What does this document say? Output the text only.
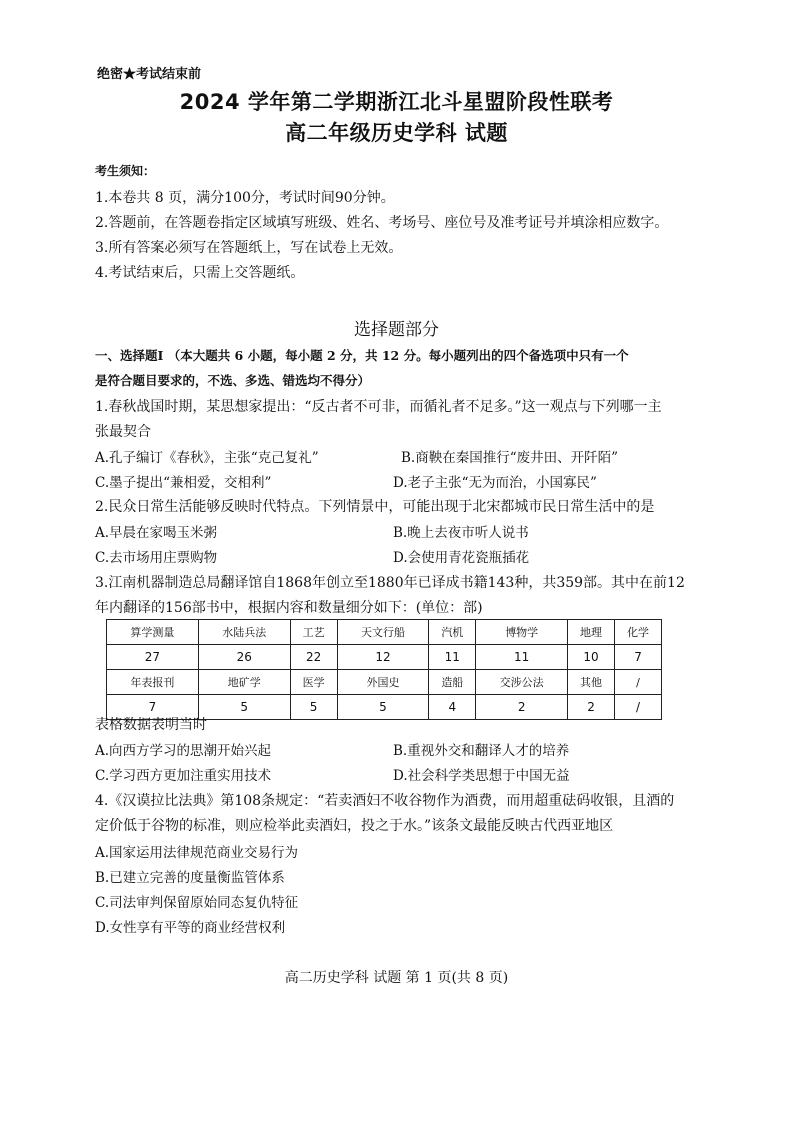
绝密★考试结束前
2024 学年第二学期浙江北斗星盟阶段性联考
高二年级历史学科 试题
考生须知：
1.本卷共 8 页，满分100分，考试时间90分钟。
2.答题前，在答题卷指定区域填写班级、姓名、考场号、座位号及准考证号并填涂相应数字。
3.所有答案必须写在答题纸上，写在试卷上无效。
4.考试结束后，只需上交答题纸。
选择题部分
一、选择题Ⅰ （本大题共 6 小题，每小题 2 分，共 12 分。每小题列出的四个备选项中只有一个
是符合题目要求的，不选、多选、错选均不得分）
1.春秋战国时期，某思想家提出：“反古者不可非，而循礼者不足多。”这一观点与下列哪一主
张最契合
A.孔子编订《春秋》，主张“克己复礼”	B.商鞅在秦国推行“废井田、开阡陌”
C.墨子提出“兼相爱，交相利”	D.老子主张“无为而治，小国寡民”
2.民众日常生活能够反映时代特点。下列情景中，可能出现于北宋都城市民日常生活中的是
A.早晨在家喝玉米粥	B.晚上去夜市听人说书
C.去市场用庄票购物	D.会使用青花瓷瓶插花
3.江南机器制造总局翻译馆自1868年创立至1880年已译成书籍143种，共359部。其中在前12
年内翻译的156部书中，根据内容和数量细分如下：(单位：部)
算学测量	水陆兵法	工艺	天文行船	汽机	博物学	地理	化学
27	26	22	12	11	11	10	7
年表报刊	地矿学	医学	外国史	造船	交涉公法	其他	/
7	5	5	5	4	2	2	/
表格数据表明当时
A.向西方学习的思潮开始兴起	B.重视外交和翻译人才的培养
C.学习西方更加注重实用技术	D.社会科学类思想于中国无益
4.《汉谟拉比法典》第108条规定：“若卖酒妇不收谷物作为酒费，而用超重砝码收银，且酒的
定价低于谷物的标准，则应检举此卖酒妇，投之于水。”该条文最能反映古代西亚地区
A.国家运用法律规范商业交易行为
B.已建立完善的度量衡监管体系
C.司法审判保留原始同态复仇特征
D.女性享有平等的商业经营权利
高二历史学科 试题 第 1 页(共 8 页)
